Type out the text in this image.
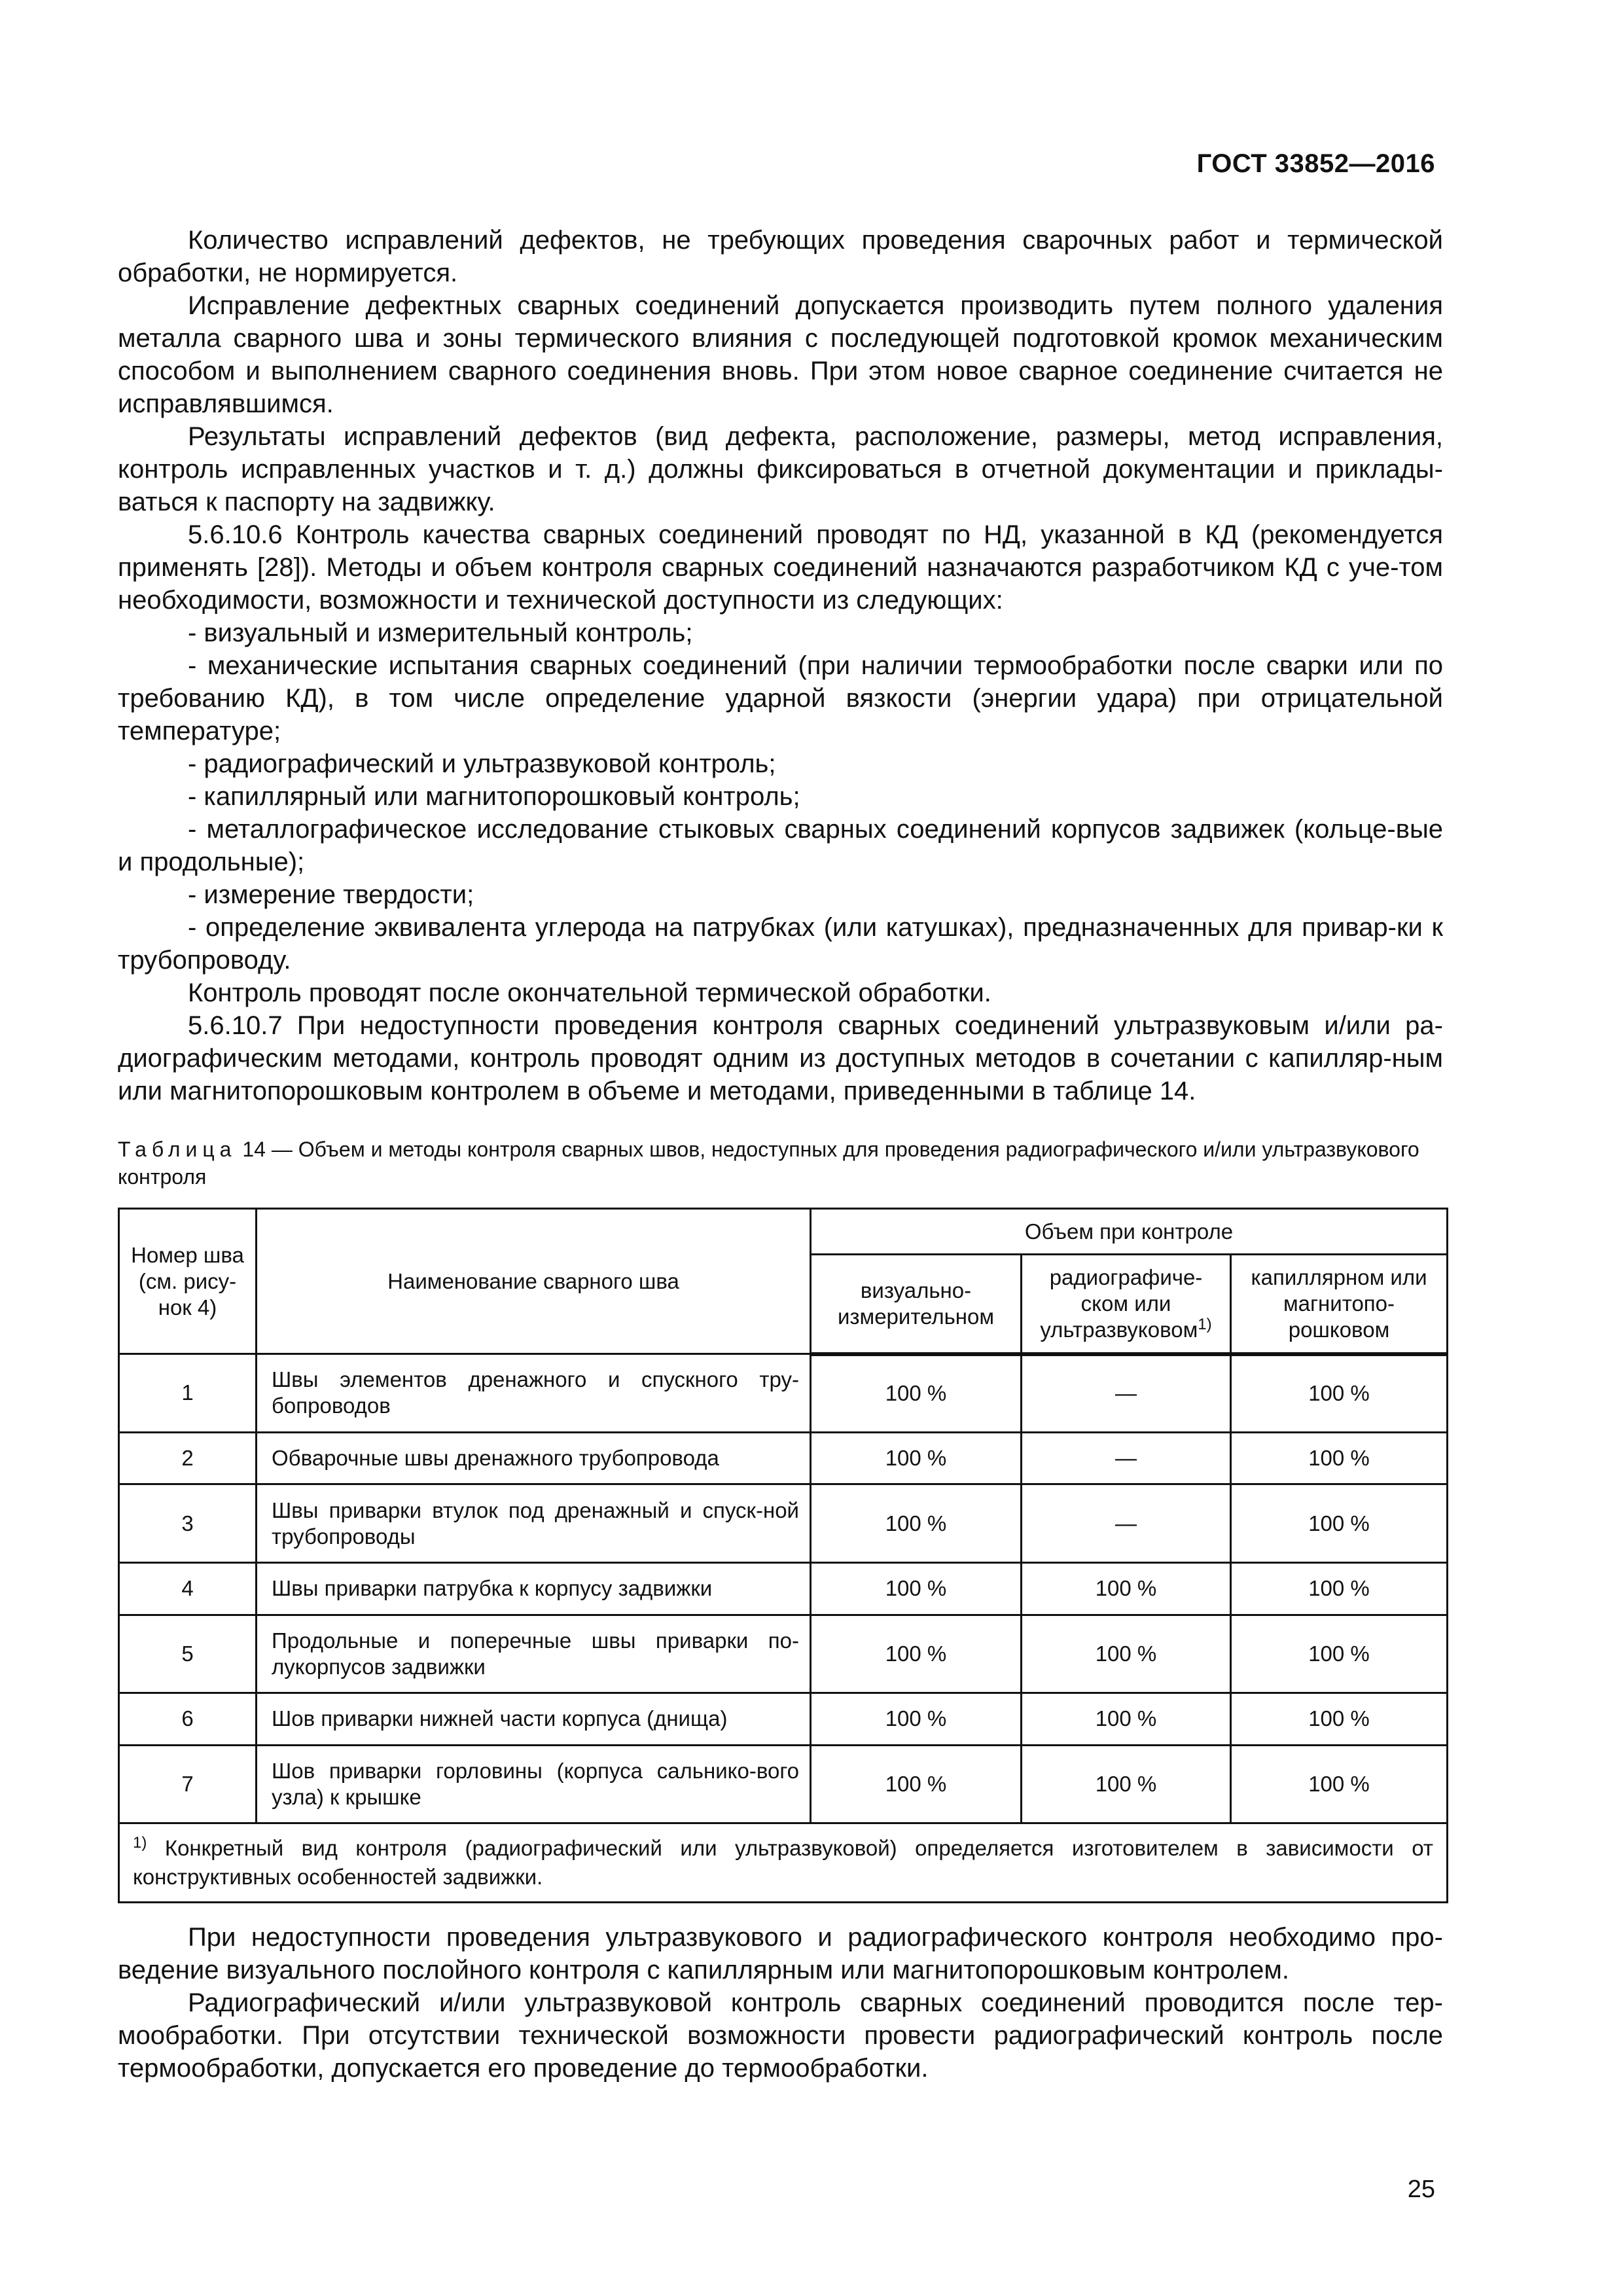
ГОСТ 33852—2016

Количество исправлений дефектов, не требующих проведения сварочных работ и термической обработки, не нормируется.

Исправление дефектных сварных соединений допускается производить путем полного удаления металла сварного шва и зоны термического влияния с последующей подготовкой кромок механическим способом и выполнением сварного соединения вновь. При этом новое сварное соединение считается не исправлявшимся.

Результаты исправлений дефектов (вид дефекта, расположение, размеры, метод исправления, контроль исправленных участков и т. д.) должны фиксироваться в отчетной документации и приклады-ваться к паспорту на задвижку.

5.6.10.6 Контроль качества сварных соединений проводят по НД, указанной в КД (рекомендуется применять [28]). Методы и объем контроля сварных соединений назначаются разработчиком КД с уче-том необходимости, возможности и технической доступности из следующих:

- визуальный и измерительный контроль;

- механические испытания сварных соединений (при наличии термообработки после сварки или по требованию КД), в том числе определение ударной вязкости (энергии удара) при отрицательной температуре;

- радиографический и ультразвуковой контроль;

- капиллярный или магнитопорошковый контроль;

- металлографическое исследование стыковых сварных соединений корпусов задвижек (кольце-вые и продольные);

- измерение твердости;

- определение эквивалента углерода на патрубках (или катушках), предназначенных для привар-ки к трубопроводу.

Контроль проводят после окончательной термической обработки.

5.6.10.7 При недоступности проведения контроля сварных соединений ультразвуковым и/или ра-диографическим методами, контроль проводят одним из доступных методов в сочетании с капилляр-ным или магнитопорошковым контролем в объеме и методами, приведенными в таблице 14.

Таблица 14 — Объем и методы контроля сварных швов, недоступных для проведения радиографического и/или ультразвукового контроля
Номер шва (см. рису-нок 4)	Наименование сварного шва	Объем при контроле		
		визуально-измерительном	радиографиче-ском или ультразвуковом$^{1)}$	капиллярном или магнитопо-рошковом
1	Швы элементов дренажного и спускного тру-бопроводов	100 %	—	100 %
2	Обварочные швы дренажного трубопровода	100 %	—	100 %
3	Швы приварки втулок под дренажный и спуск-ной трубопроводы	100 %	—	100 %
4	Швы приварки патрубка к корпусу задвижки	100 %	100 %	100 %
5	Продольные и поперечные швы приварки по-лукорпусов задвижки	100 %	100 %	100 %
6	Шов приварки нижней части корпуса (днища)	100 %	100 %	100 %
7	Шов приварки горловины (корпуса сальнико-вого узла) к крышке	100 %	100 %	100 %
$^{1)}$ Конкретный вид контроля (радиографический или ультразвуковой) определяется изготовителем в зависимости от конструктивных особенностей задвижки.				

При недоступности проведения ультразвукового и радиографического контроля необходимо про-ведение визуального послойного контроля с капиллярным или магнитопорошковым контролем.

Радиографический и/или ультразвуковой контроль сварных соединений проводится после тер-мообработки. При отсутствии технической возможности провести радиографический контроль после термообработки, допускается его проведение до термообработки.

25
